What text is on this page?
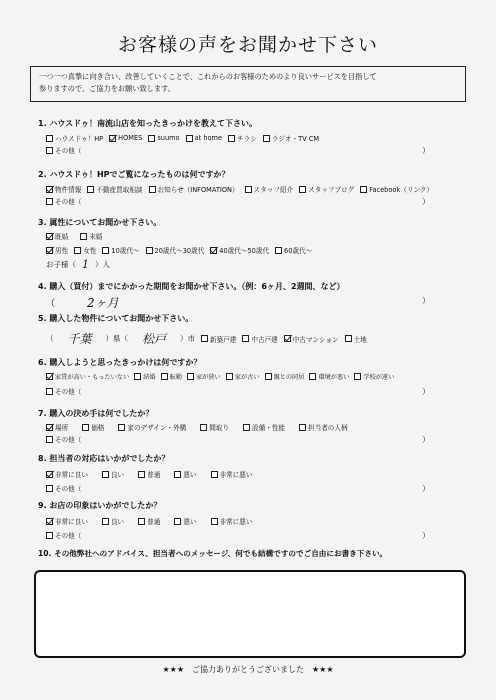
お客様の声をお聞かせ下さい
一つ一つ真摯に向き合い、改善していくことで、これからのお客様のためのより良いサービスを目指して
参りますので、ご協力をお願い致します。
1. ハウスドゥ！南流山店を知ったきっかけを教えて下さい。
ハウスドゥ！HP HOMES suumo at home チラシ ラジオ・TV CM
その他（	）
2. ハウスドゥ！HPでご覧になったものは何ですか？
物件情報 不動産買取相談 お知らせ（INFOMATION） スタッフ紹介 スタッフブログ Facebook（リンク）
その他（	）
3. 属性についてお聞かせ下さい。
既婚	未婚
男性 女性 10歳代～ 20歳代～30歳代 40歳代～50歳代 60歳代～
お子様（ 1 ）人
4. 購入（買付）までにかかった期間をお聞かせ下さい。（例：6ヶ月、2週間、など）
（	2ヶ月	）
5. 購入した物件についてお聞かせ下さい。
（ 千葉 ）県（ 松戸 ）市 新築戸建 中古戸建 中古マンション 土地
6. 購入しようと思ったきっかけは何ですか？
家賃が高い・もったいない 結婚 転勤 家が狭い 家が古い 親との同居 環境が悪い 学校が遠い
その他（	）
7. 購入の決め手は何でしたか？
場所	価格	家のデザイン・外構	間取り	設備・性能	担当者の人柄
その他（	）
8. 担当者の対応はいかがでしたか？
非常に良い	良い	普通	悪い	非常に悪い
その他（	）
9. お店の印象はいかがでしたか？
非常に良い	良い	普通	悪い	非常に悪い
その他（	）
10. その他弊社へのアドバイス、担当者へのメッセージ、何でも結構ですのでご自由にお書き下さい。
★★★　ご協力ありがとうございました　★★★
